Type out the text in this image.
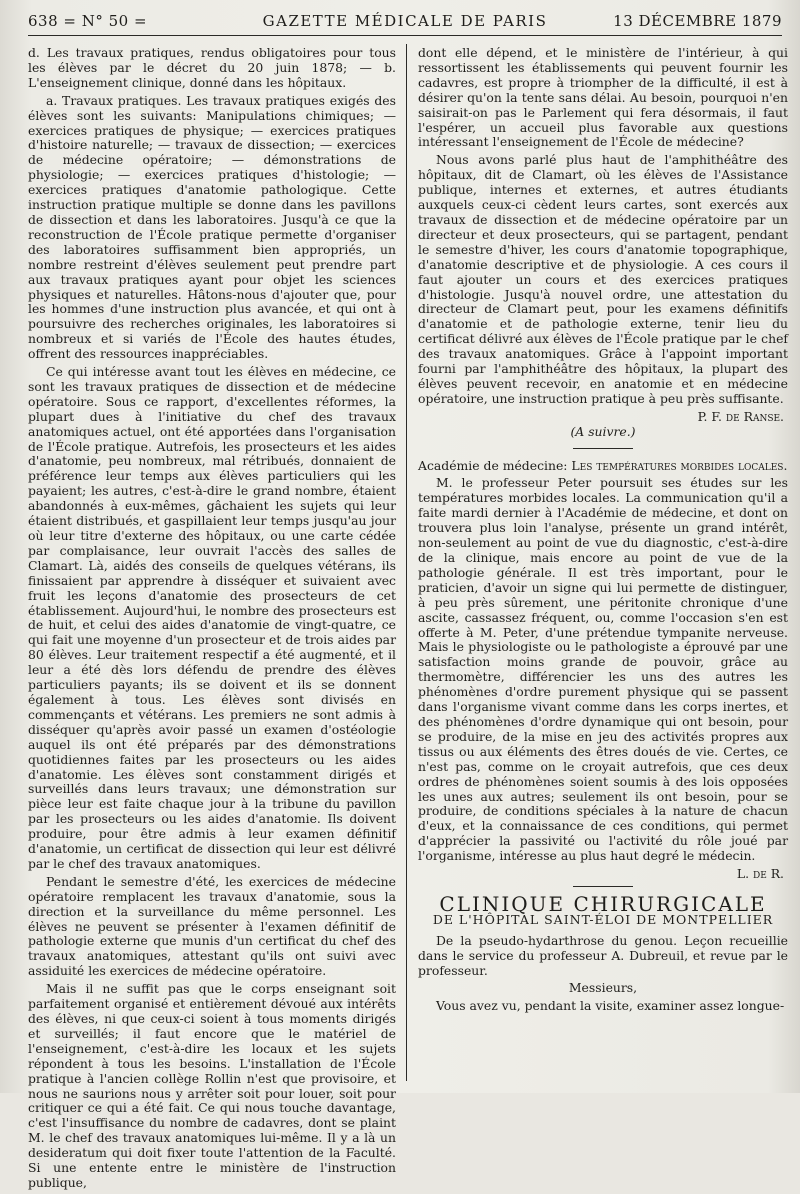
638 = N° 50 =	GAZETTE MÉDICALE DE PARIS	13 DÉCEMBRE 1879

d. Les travaux pratiques, rendus obligatoires pour tous les élèves par le décret du 20 juin 1878; — b. L'enseignement clinique, donné dans les hôpitaux.

a. Travaux pratiques. Les travaux pratiques exigés des élèves sont les suivants: Manipulations chimiques; — exercices pratiques de physique; — exercices pratiques d'histoire naturelle; — travaux de dissection; — exercices de médecine opératoire; — démonstrations de physiologie; — exercices pratiques d'histologie; — exercices pratiques d'anatomie pathologique. Cette instruction pratique multiple se donne dans les pavillons de dissection et dans les laboratoires. Jusqu'à ce que la reconstruction de l'École pratique permette d'organiser des laboratoires suffisamment bien appropriés, un nombre restreint d'élèves seulement peut prendre part aux travaux pratiques ayant pour objet les sciences physiques et naturelles. Hâtons-nous d'ajouter que, pour les hommes d'une instruction plus avancée, et qui ont à poursuivre des recherches originales, les laboratoires si nombreux et si variés de l'École des hautes études, offrent des ressources inappréciables.

Ce qui intéresse avant tout les élèves en médecine, ce sont les travaux pratiques de dissection et de médecine opératoire. Sous ce rapport, d'excellentes réformes, la plupart dues à l'initiative du chef des travaux anatomiques actuel, ont été apportées dans l'organisation de l'École pratique. Autrefois, les prosecteurs et les aides d'anatomie, peu nombreux, mal rétribués, donnaient de préférence leur temps aux élèves particuliers qui les payaient; les autres, c'est-à-dire le grand nombre, étaient abandonnés à eux-mêmes, gâchaient les sujets qui leur étaient distribués, et gaspillaient leur temps jusqu'au jour où leur titre d'externe des hôpitaux, ou une carte cédée par complaisance, leur ouvrait l'accès des salles de Clamart. Là, aidés des conseils de quelques vétérans, ils finissaient par apprendre à disséquer et suivaient avec fruit les leçons d'anatomie des prosecteurs de cet établissement. Aujourd'hui, le nombre des prosecteurs est de huit, et celui des aides d'anatomie de vingt-quatre, ce qui fait une moyenne d'un prosecteur et de trois aides par 80 élèves. Leur traitement respectif a été augmenté, et il leur a été dès lors défendu de prendre des élèves particuliers payants; ils se doivent et ils se donnent également à tous. Les élèves sont divisés en commençants et vétérans. Les premiers ne sont admis à disséquer qu'après avoir passé un examen d'ostéologie auquel ils ont été préparés par des démonstrations quotidiennes faites par les prosecteurs ou les aides d'anatomie. Les élèves sont constamment dirigés et surveillés dans leurs travaux; une démonstration sur pièce leur est faite chaque jour à la tribune du pavillon par les prosecteurs ou les aides d'anatomie. Ils doivent produire, pour être admis à leur examen définitif d'anatomie, un certificat de dissection qui leur est délivré par le chef des travaux anatomiques.

Pendant le semestre d'été, les exercices de médecine opératoire remplacent les travaux d'anatomie, sous la direction et la surveillance du même personnel. Les élèves ne peuvent se présenter à l'examen définitif de pathologie externe que munis d'un certificat du chef des travaux anatomiques, attestant qu'ils ont suivi avec assiduité les exercices de médecine opératoire.

Mais il ne suffit pas que le corps enseignant soit parfaitement organisé et entièrement dévoué aux intérêts des élèves, ni que ceux-ci soient à tous moments dirigés et surveillés; il faut encore que le matériel de l'enseignement, c'est-à-dire les locaux et les sujets répondent à tous les besoins. L'installation de l'École pratique à l'ancien collège Rollin n'est que provisoire, et nous ne saurions nous y arrêter soit pour louer, soit pour critiquer ce qui a été fait. Ce qui nous touche davantage, c'est l'insuffisance du nombre de cadavres, dont se plaint M. le chef des travaux anatomiques lui-même. Il y a là un desideratum qui doit fixer toute l'attention de la Faculté. Si une entente entre le ministère de l'instruction publique,

dont elle dépend, et le ministère de l'intérieur, à qui ressortissent les établissements qui peuvent fournir les cadavres, est propre à triompher de la difficulté, il est à désirer qu'on la tente sans délai. Au besoin, pourquoi n'en saisirait-on pas le Parlement qui fera désormais, il faut l'espérer, un accueil plus favorable aux questions intéressant l'enseignement de l'École de médecine?

Nous avons parlé plus haut de l'amphithéâtre des hôpitaux, dit de Clamart, où les élèves de l'Assistance publique, internes et externes, et autres étudiants auxquels ceux-ci cèdent leurs cartes, sont exercés aux travaux de dissection et de médecine opératoire par un directeur et deux prosecteurs, qui se partagent, pendant le semestre d'hiver, les cours d'anatomie topographique, d'anatomie descriptive et de physiologie. A ces cours il faut ajouter un cours et des exercices pratiques d'histologie. Jusqu'à nouvel ordre, une attestation du directeur de Clamart peut, pour les examens définitifs d'anatomie et de pathologie externe, tenir lieu du certificat délivré aux élèves de l'École pratique par le chef des travaux anatomiques. Grâce à l'appoint important fourni par l'amphithéâtre des hôpitaux, la plupart des élèves peuvent recevoir, en anatomie et en médecine opératoire, une instruction pratique à peu près suffisante.

P. F. de Ranse.
(A suivre.)

Académie de médecine: Les températures morbides locales.

M. le professeur Peter poursuit ses études sur les températures morbides locales. La communication qu'il a faite mardi dernier à l'Académie de médecine, et dont on trouvera plus loin l'analyse, présente un grand intérêt, non-seulement au point de vue du diagnostic, c'est-à-dire de la clinique, mais encore au point de vue de la pathologie générale. Il est très important, pour le praticien, d'avoir un signe qui lui permette de distinguer, à peu près sûrement, une péritonite chronique d'une ascite, cassassez fréquent, ou, comme l'occasion s'en est offerte à M. Peter, d'une prétendue tympanite nerveuse. Mais le physiologiste ou le pathologiste a éprouvé par une satisfaction moins grande de pouvoir, grâce au thermomètre, différencier les uns des autres les phénomènes d'ordre purement physique qui se passent dans l'organisme vivant comme dans les corps inertes, et des phénomènes d'ordre dynamique qui ont besoin, pour se produire, de la mise en jeu des activités propres aux tissus ou aux éléments des êtres doués de vie. Certes, ce n'est pas, comme on le croyait autrefois, que ces deux ordres de phénomènes soient soumis à des lois opposées les unes aux autres; seulement ils ont besoin, pour se produire, de conditions spéciales à la nature de chacun d'eux, et la connaissance de ces conditions, qui permet d'apprécier la passivité ou l'activité du rôle joué par l'organisme, intéresse au plus haut degré le médecin.

L. de R.
CLINIQUE CHIRURGICALE
DE L'HÔPITAL SAINT-ÉLOI DE MONTPELLIER

De la pseudo-hydarthrose du genou. Leçon recueillie dans le service du professeur A. Dubreuil, et revue par le professeur.

Messieurs,

Vous avez vu, pendant la visite, examiner assez longue-
